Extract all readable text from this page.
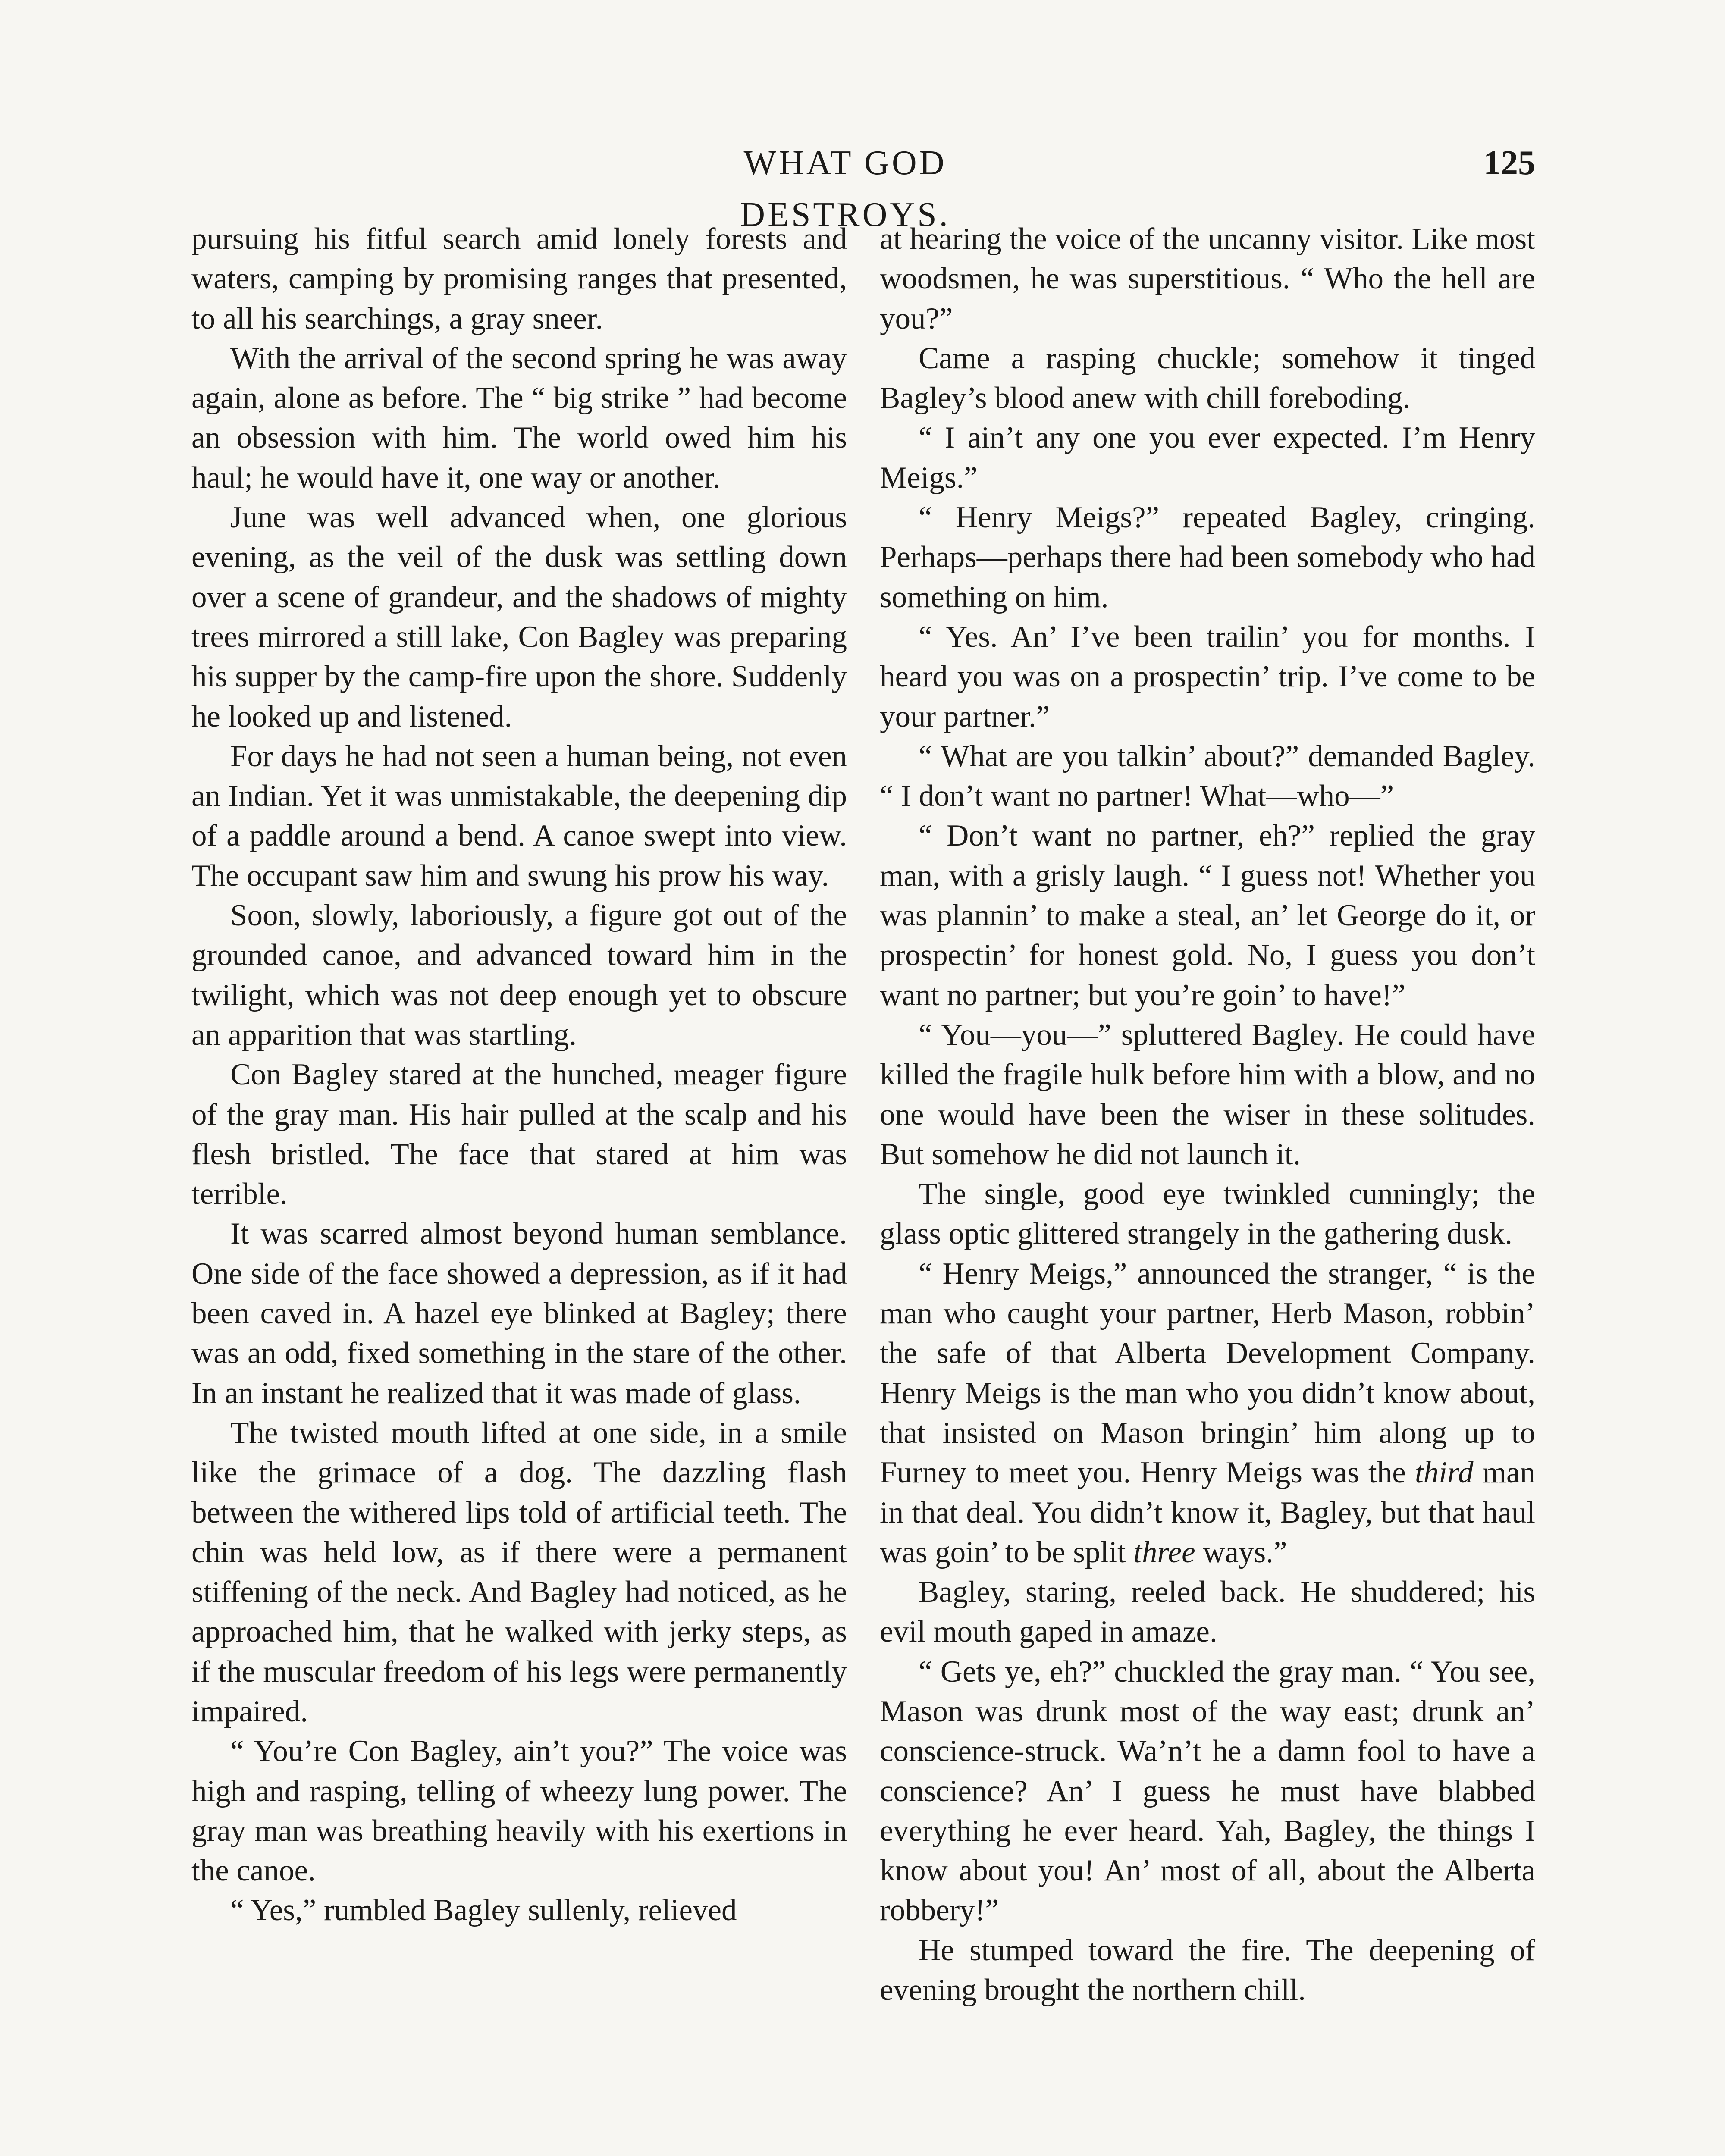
WHAT GOD DESTROYS.
125

pursuing his fitful search amid lonely forests and waters, camping by promising ranges that presented, to all his searchings, a gray sneer.

With the arrival of the second spring he was away again, alone as before. The “ big strike ” had become an obsession with him. The world owed him his haul; he would have it, one way or another.

June was well advanced when, one glorious evening, as the veil of the dusk was settling down over a scene of grandeur, and the shadows of mighty trees mirrored a still lake, Con Bagley was preparing his supper by the camp-fire upon the shore. Suddenly he looked up and listened.

For days he had not seen a human being, not even an Indian. Yet it was unmistakable, the deepening dip of a paddle around a bend. A canoe swept into view. The occupant saw him and swung his prow his way.

Soon, slowly, laboriously, a figure got out of the grounded canoe, and advanced toward him in the twilight, which was not deep enough yet to obscure an apparition that was startling.

Con Bagley stared at the hunched, meager figure of the gray man. His hair pulled at the scalp and his flesh bristled. The face that stared at him was terrible.

It was scarred almost beyond human semblance. One side of the face showed a depression, as if it had been caved in. A hazel eye blinked at Bagley; there was an odd, fixed something in the stare of the other. In an instant he realized that it was made of glass.

The twisted mouth lifted at one side, in a smile like the grimace of a dog. The dazzling flash between the withered lips told of artificial teeth. The chin was held low, as if there were a permanent stiffening of the neck. And Bagley had noticed, as he approached him, that he walked with jerky steps, as if the muscular freedom of his legs were permanently impaired.

“ You’re Con Bagley, ain’t you?” The voice was high and rasping, telling of wheezy lung power. The gray man was breathing heavily with his exertions in the canoe.

“ Yes,” rumbled Bagley sullenly, relieved

at hearing the voice of the uncanny visitor. Like most woodsmen, he was superstitious. “ Who the hell are you?”

Came a rasping chuckle; somehow it tinged Bagley’s blood anew with chill foreboding.

“ I ain’t any one you ever expected. I’m Henry Meigs.”

“ Henry Meigs?” repeated Bagley, cringing. Perhaps—perhaps there had been somebody who had something on him.

“ Yes. An’ I’ve been trailin’ you for months. I heard you was on a prospectin’ trip. I’ve come to be your partner.”

“ What are you talkin’ about?” demanded Bagley. “ I don’t want no partner! What—who—”

“ Don’t want no partner, eh?” replied the gray man, with a grisly laugh. “ I guess not! Whether you was plannin’ to make a steal, an’ let George do it, or prospectin’ for honest gold. No, I guess you don’t want no partner; but you’re goin’ to have!”

“ You—you—” spluttered Bagley. He could have killed the fragile hulk before him with a blow, and no one would have been the wiser in these solitudes. But somehow he did not launch it.

The single, good eye twinkled cunningly; the glass optic glittered strangely in the gathering dusk.

“ Henry Meigs,” announced the stranger, “ is the man who caught your partner, Herb Mason, robbin’ the safe of that Alberta Development Company. Henry Meigs is the man who you didn’t know about, that insisted on Mason bringin’ him along up to Furney to meet you. Henry Meigs was the third man in that deal. You didn’t know it, Bagley, but that haul was goin’ to be split three ways.”

Bagley, staring, reeled back. He shuddered; his evil mouth gaped in amaze.

“ Gets ye, eh?” chuckled the gray man. “ You see, Mason was drunk most of the way east; drunk an’ conscience-struck. Wa’n’t he a damn fool to have a conscience? An’ I guess he must have blabbed everything he ever heard. Yah, Bagley, the things I know about you! An’ most of all, about the Alberta robbery!”

He stumped toward the fire. The deepening of evening brought the northern chill.
